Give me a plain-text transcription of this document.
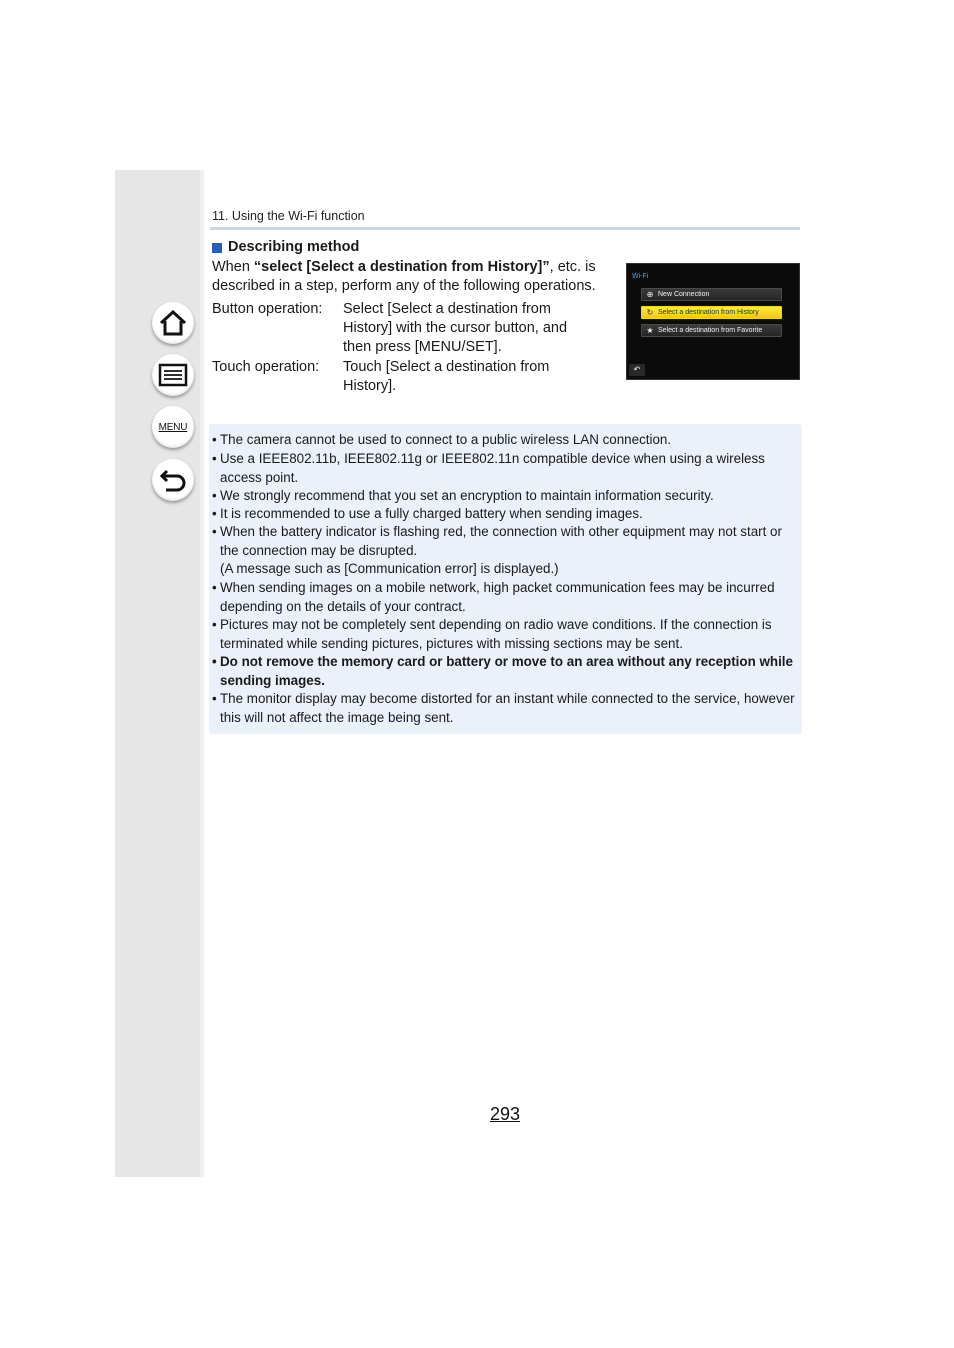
MENU
11. Using the Wi-Fi function
Describing method
When “select [Select a destination from History]”, etc. is described in a step, perform any of the following operations.
Button operation: Select [Select a destination from History] with the cursor button, and then press [MENU/SET].
Touch operation: Touch [Select a destination from History].
Wi-Fi
⊕ New Connection
↻ Select a destination from History
★ Select a destination from Favorite
↶
• The camera cannot be used to connect to a public wireless LAN connection.
• Use a IEEE802.11b, IEEE802.11g or IEEE802.11n compatible device when using a wireless access point.
• We strongly recommend that you set an encryption to maintain information security.
• It is recommended to use a fully charged battery when sending images.
• When the battery indicator is flashing red, the connection with other equipment may not start or the connection may be disrupted.
(A message such as [Communication error] is displayed.)
• When sending images on a mobile network, high packet communication fees may be incurred depending on the details of your contract.
• Pictures may not be completely sent depending on radio wave conditions. If the connection is terminated while sending pictures, pictures with missing sections may be sent.
• Do not remove the memory card or battery or move to an area without any reception while sending images.
• The monitor display may become distorted for an instant while connected to the service, however this will not affect the image being sent.
293
